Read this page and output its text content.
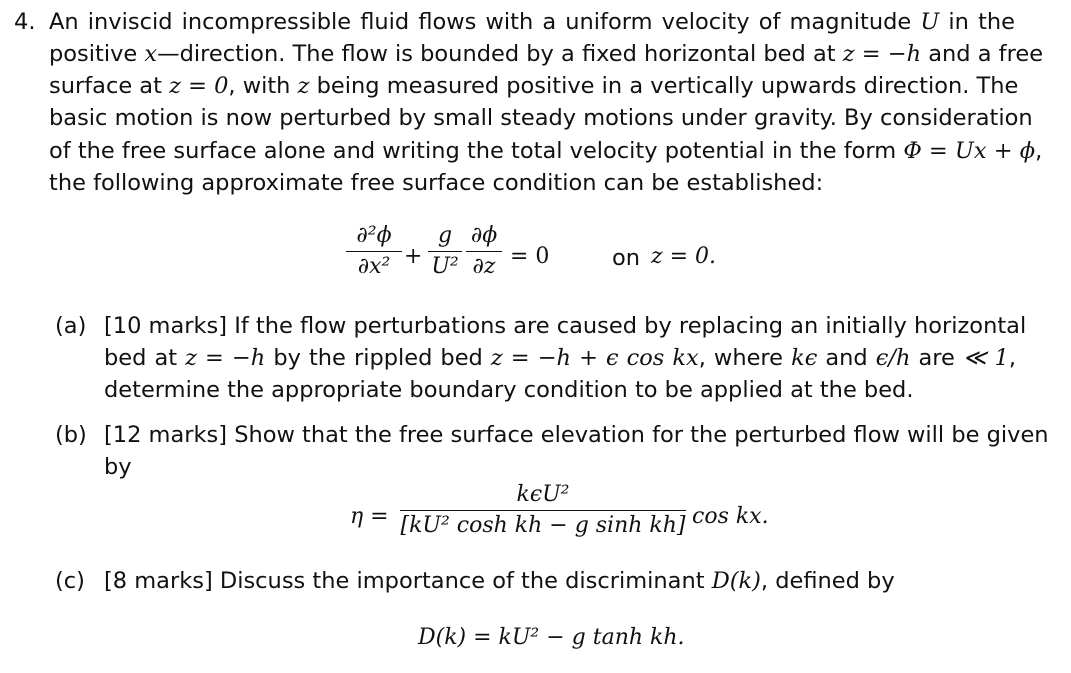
4. An inviscid incompressible fluid flows with a uniform velocity of magnitude U in the
positive x—direction. The flow is bounded by a fixed horizontal bed at z = −h and a free
surface at z = 0, with z being measured positive in a vertically upwards direction. The
basic motion is now perturbed by small steady motions under gravity. By consideration
of the free surface alone and writing the total velocity potential in the form Φ = Ux + ϕ,
the following approximate free surface condition can be established:
∂²ϕ
∂x² +
g
U²
∂ϕ
∂z = 0	on z = 0.
(a) [10 marks] If the flow perturbations are caused by replacing an initially horizontal
bed at z = −h by the rippled bed z = −h + ϵ cos kx, where kϵ and ϵ/h are ≪ 1,
determine the appropriate boundary condition to be applied at the bed.
(b) [12 marks] Show that the free surface elevation for the perturbed flow will be given
by
η =
kϵU²
[kU² cosh kh − g sinh kh] cos kx.
(c) [8 marks] Discuss the importance of the discriminant D(k), defined by
D(k) = kU² − g tanh kh.
